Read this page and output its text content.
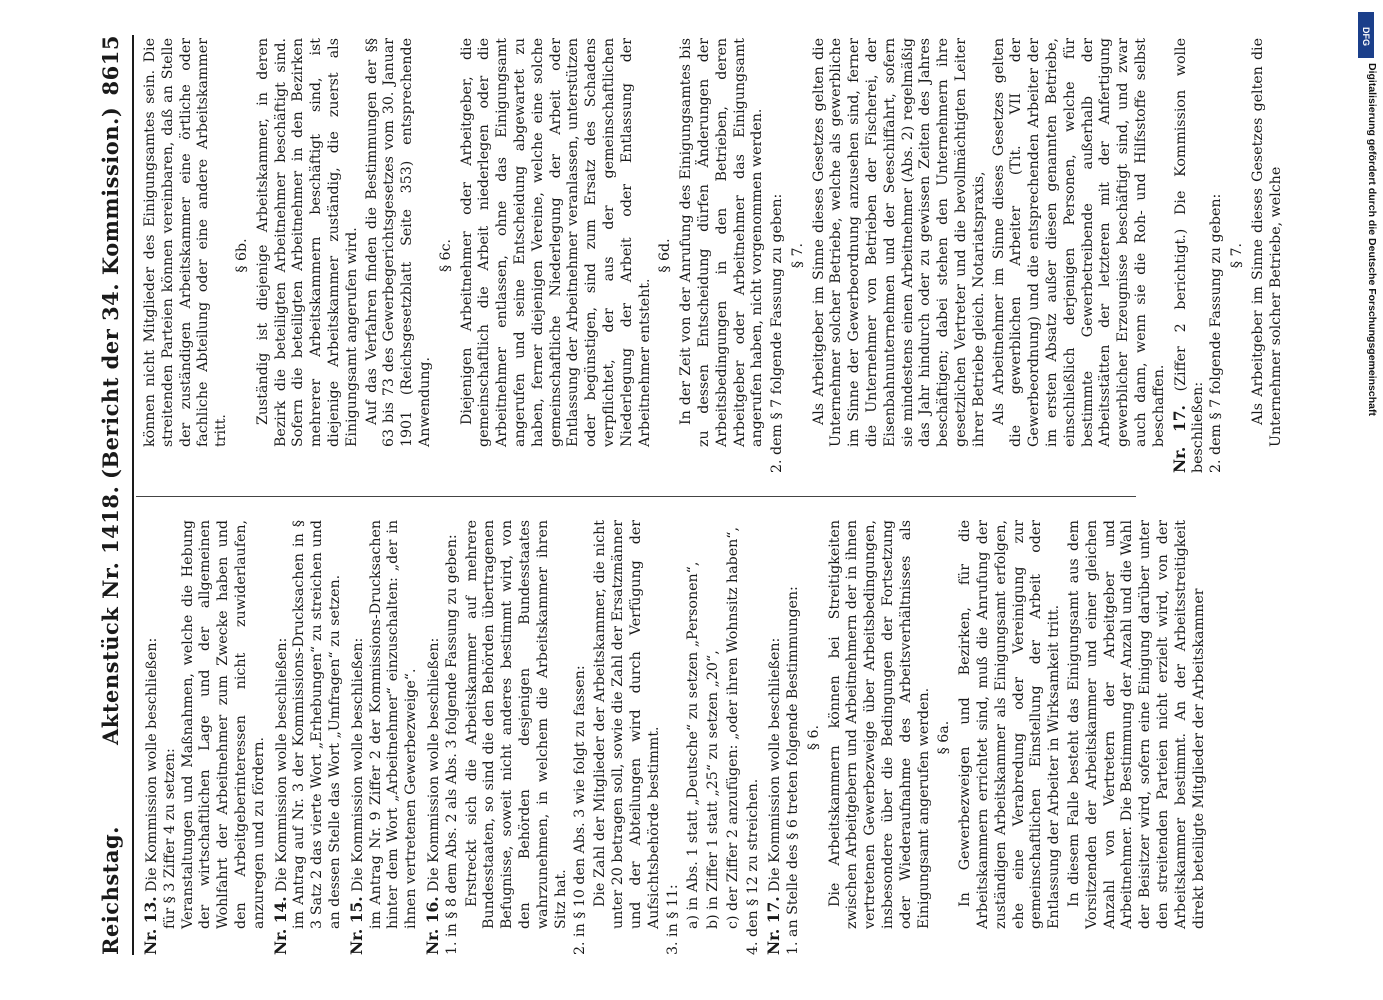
Reichstag.
Aktenstück Nr. 1418.
(Bericht der 34. Kommission.)
8615
Nr. 13. Die Kommission wolle beschließen: für § 3 Ziffer 4 zu setzen: Veranstaltungen und Maßnahmen, welche die Hebung der wirtschaftlichen Lage und der allgemeinen Wohlfahrt der Arbeitnehmer zum Zwecke haben und den Arbeitgeberinteressen nicht zuwiderlaufen, anzuregen und zu fördern. Nr. 14. Die Kommission wolle beschließen: im Antrag auf Nr. 3 der Kommissions-Drucksachen in § 3 Satz 2 das vierte Wort „Erhebungen“ zu streichen und an dessen Stelle das Wort „Umfragen“ zu setzen. Nr. 15. Die Kommission wolle beschließen: im Antrag Nr. 9 Ziffer 2 der Kommissions-Drucksachen hinter dem Wort „Arbeitnehmer“ einzuschalten: „der in ihnen vertretenen Gewerbezweige“. Nr. 16. Die Kommission wolle beschließen: 1. in § 8 dem Abs. 2 als Abs. 3 folgende Fassung zu geben: Erstreckt sich die Arbeitskammer auf mehrere Bundesstaaten, so sind die den Behörden übertragenen Befugnisse, soweit nicht anderes bestimmt wird, von den Behörden desjenigen Bundesstaates wahrzunehmen, in welchem die Arbeitskammer ihren Sitz hat. 2. in § 10 den Abs. 3 wie folgt zu fassen: Die Zahl der Mitglieder der Arbeitskammer, die nicht unter 20 betragen soll, sowie die Zahl der Ersatzmänner und der Abteilungen wird durch Verfügung der Aufsichtsbehörde bestimmt. 3. in § 11: a) in Abs. 1 statt „Deutsche“ zu setzen „Personen“, b) in Ziffer 1 statt „25“ zu setzen „20“, c) der Ziffer 2 anzufügen: „oder ihren Wohnsitz haben“, 4. den § 12 zu streichen. Nr. 17. Die Kommission wolle beschließen: 1. an Stelle des § 6 treten folgende Bestimmungen: § 6. Die Arbeitskammern können bei Streitigkeiten zwischen Arbeitgebern und Arbeitnehmern der in ihnen vertretenen Gewerbezweige über Arbeitsbedingungen, insbesondere über die Bedingungen der Fortsetzung oder Wiederaufnahme des Arbeitsverhältnisses als Einigungsamt angerufen werden. § 6a. In Gewerbezweigen und Bezirken, für die Arbeitskammern errichtet sind, muß die Anrufung der zuständigen Arbeitskammer als Einigungsamt erfolgen, ehe eine Verabredung oder Vereinigung zur gemeinschaftlichen Einstellung der Arbeit oder Entlassung der Arbeiter in Wirksamkeit tritt. In diesem Falle besteht das Einigungsamt aus dem Vorsitzenden der Arbeitskammer und einer gleichen Anzahl von Vertretern der Arbeitgeber und Arbeitnehmer. Die Bestimmung der Anzahl und die Wahl der Beisitzer wird, sofern eine Einigung darüber unter den streitenden Parteien nicht erzielt wird, von der Arbeitskammer bestimmt. An der Arbeitsstreitigkeit direkt beteiligte Mitglieder der Arbeitskammer
können nicht Mitglieder des Einigungsamtes sein. Die streitenden Parteien können vereinbaren, daß an Stelle der zuständigen Arbeitskammer eine örtliche oder fachliche Abteilung oder eine andere Arbeitskammer tritt.
§ 6b. Zuständig ist diejenige Arbeitskammer, in deren Bezirk die beteiligten Arbeitnehmer beschäftigt sind. Sofern die beteiligten Arbeitnehmer in den Bezirken mehrerer Arbeitskammern beschäftigt sind, ist diejenige Arbeitskammer zuständig, die zuerst als Einigungsamt angerufen wird. Auf das Verfahren finden die Bestimmungen der §§ 63 bis 73 des Gewerbegerichtsgesetzes vom 30. Januar 1901 (Reichsgesetzblatt Seite 353) entsprechende Anwendung.
§ 6c. Diejenigen Arbeitnehmer oder Arbeitgeber, die gemeinschaftlich die Arbeit niederlegen oder die Arbeitnehmer entlassen, ohne das Einigungsamt angerufen und seine Entscheidung abgewartet zu haben, ferner diejenigen Vereine, welche eine solche gemeinschaftliche Niederlegung der Arbeit oder Entlassung der Arbeitnehmer veranlassen, unterstützen oder begünstigen, sind zum Ersatz des Schadens verpflichtet, der aus der gemeinschaftlichen Niederlegung der Arbeit oder Entlassung der Arbeitnehmer entsteht.
§ 6d. In der Zeit von der Anrufung des Einigungsamtes bis zu dessen Entscheidung dürfen Änderungen der Arbeitsbedingungen in den Betrieben, deren Arbeitgeber oder Arbeitnehmer das Einigungsamt angerufen haben, nicht vorgenommen werden. 2. dem § 7 folgende Fassung zu geben: § 7. Als Arbeitgeber im Sinne dieses Gesetzes gelten die Unternehmer solcher Betriebe, welche als gewerbliche im Sinne der Gewerbeordnung anzusehen sind, ferner die Unternehmer von Betrieben der Fischerei, der Eisenbahnunternehmen und der Seeschiffahrt, sofern sie mindestens einen Arbeitnehmer (Abs. 2) regelmäßig das Jahr hindurch oder zu gewissen Zeiten des Jahres beschäftigen; dabei stehen den Unternehmern ihre gesetzlichen Vertreter und die bevollmächtigten Leiter ihrer Betriebe gleich. Notariatspraxis, Als Arbeitnehmer im Sinne dieses Gesetzes gelten die gewerblichen Arbeiter (Tit. VII der Gewerbeordnung) und die entsprechenden Arbeiter der im ersten Absatz außer diesen genannten Betriebe, einschließlich derjenigen Personen, welche für bestimmte Gewerbetreibende außerhalb der Arbeitsstätten der letzteren mit der Anfertigung gewerblicher Erzeugnisse beschäftigt sind, und zwar auch dann, wenn sie die Roh- und Hilfsstoffe selbst beschaffen. Nr. 17. (Ziffer 2 berichtigt.) Die Kommission wolle beschließen: 2. dem § 7 folgende Fassung zu geben: § 7. Als Arbeitgeber im Sinne dieses Gesetzes gelten die Unternehmer solcher Betriebe, welche
DFG
Digitalisierung gefördert durch die Deutsche Forschungsgemeinschaft
